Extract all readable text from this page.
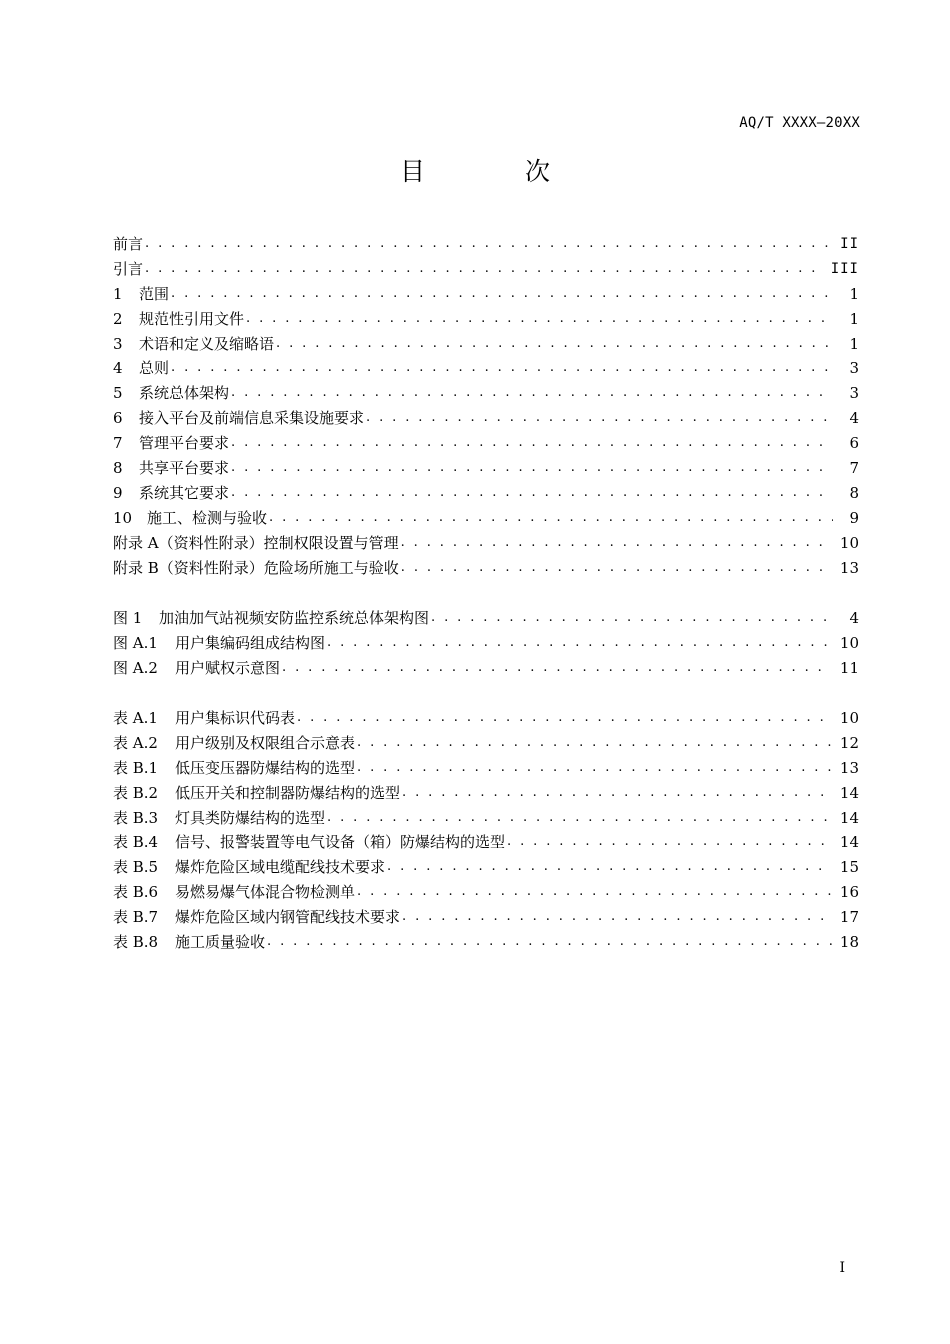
AQ/T XXXX—20XX
目 次
前言 . . .	II
引言 . . .	III
1	范围 . . .	1
2	规范性引用文件 . . .	1
3	术语和定义及缩略语 . . .	1
4	总则 . . .	3
5	系统总体架构 . . .	3
6	接入平台及前端信息采集设施要求 . . .	4
7	管理平台要求 . . .	6
8	共享平台要求 . . .	7
9	系统其它要求 . . .	8
10 施工、检测与验收 . . .	9
附录 A（资料性附录）控制权限设置与管理 . . .	10
附录 B（资料性附录）危险场所施工与验收 . . .	13
图 1	加油加气站视频安防监控系统总体架构图 . . .	4
图 A.1	用户集编码组成结构图 . . .	10
图 A.2	用户赋权示意图 . . .	11
表 A.1	用户集标识代码表 . . .	10
表 A.2	用户级别及权限组合示意表 . . .	12
表 B.1	低压变压器防爆结构的选型 . . .	13
表 B.2	低压开关和控制器防爆结构的选型 . . .	14
表 B.3	灯具类防爆结构的选型 . . .	14
表 B.4	信号、报警装置等电气设备（箱）防爆结构的选型 . . .	14
表 B.5	爆炸危险区域电缆配线技术要求 . . .	15
表 B.6	易燃易爆气体混合物检测单 . . .	16
表 B.7	爆炸危险区域内钢管配线技术要求 . . .	17
表 B.8	施工质量验收 . . .	18
I
